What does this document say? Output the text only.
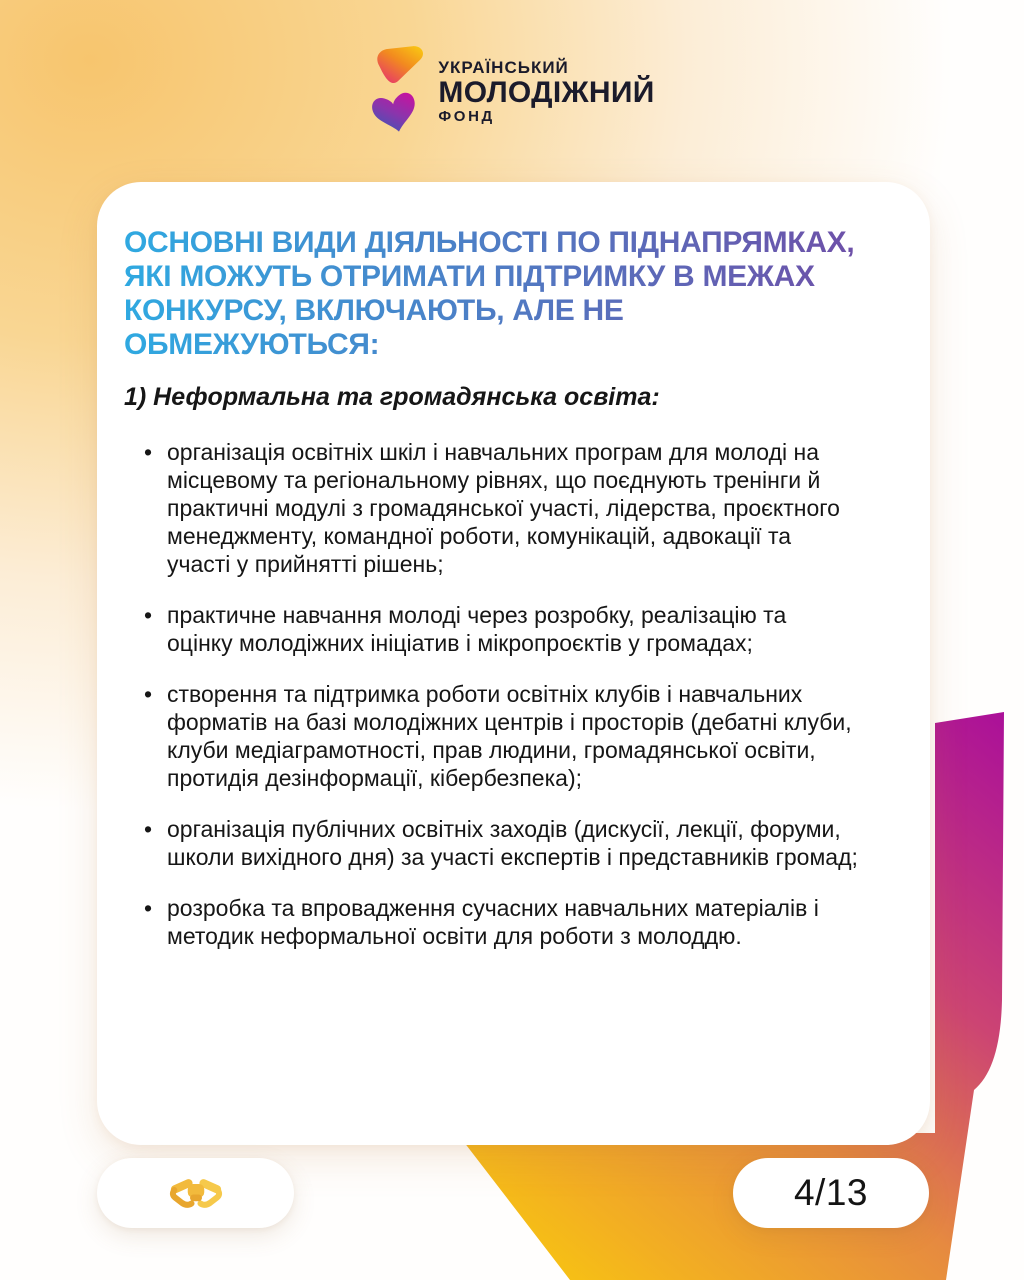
УКРАЇНСЬКИЙ
МОЛОДІЖНИЙ
ФОНД
ОСНОВНІ ВИДИ ДІЯЛЬНОСТІ ПО ПІДНАПРЯМКАХ,
ЯКІ МОЖУТЬ ОТРИМАТИ ПІДТРИМКУ В МЕЖАХ
КОНКУРСУ, ВКЛЮЧАЮТЬ, АЛЕ НЕ
ОБМЕЖУЮТЬСЯ:
1) Неформальна та громадянська освіта:
• організація освітніх шкіл і навчальних програм для молоді на місцевому та регіональному рівнях, що поєднують тренінги й практичні модулі з громадянської участі, лідерства, проєктного менеджменту, командної роботи, комунікацій, адвокації та участі у прийнятті рішень;
• практичне навчання молоді через розробку, реалізацію та оцінку молодіжних ініціатив і мікропроєктів у громадах;
• створення та підтримка роботи освітніх клубів і навчальних форматів на базі молодіжних центрів і просторів (дебатні клуби, клуби медіаграмотності, прав людини, громадянської освіти, протидія дезінформації, кібербезпека);
• організація публічних освітніх заходів (дискусії, лекції, форуми, школи вихідного дня) за участі експертів і представників громад;
• розробка та впровадження сучасних навчальних матеріалів і методик неформальної освіти для роботи з молоддю.
4/13
